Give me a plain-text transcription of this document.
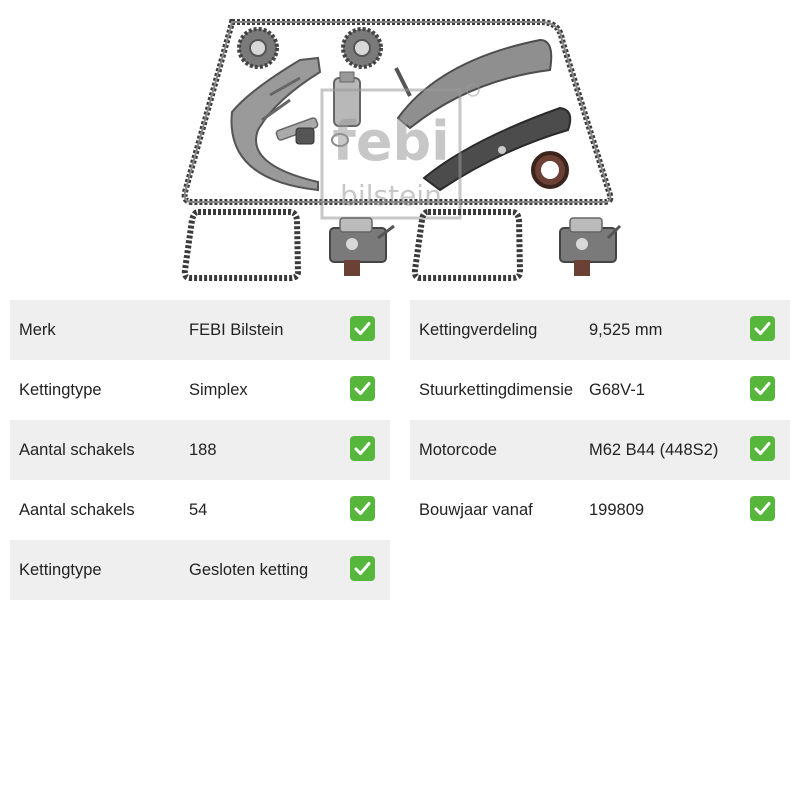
febi
bilstein
Merk	FEBI Bilstein
Kettingtype	Simplex
Aantal schakels	188
Aantal schakels	54
Kettingtype	Gesloten ketting
Kettingverdeling	9,525 mm
Stuurkettingdimensie G68V-1
Motorcode	M62 B44 (448S2)
Bouwjaar vanaf	199809
